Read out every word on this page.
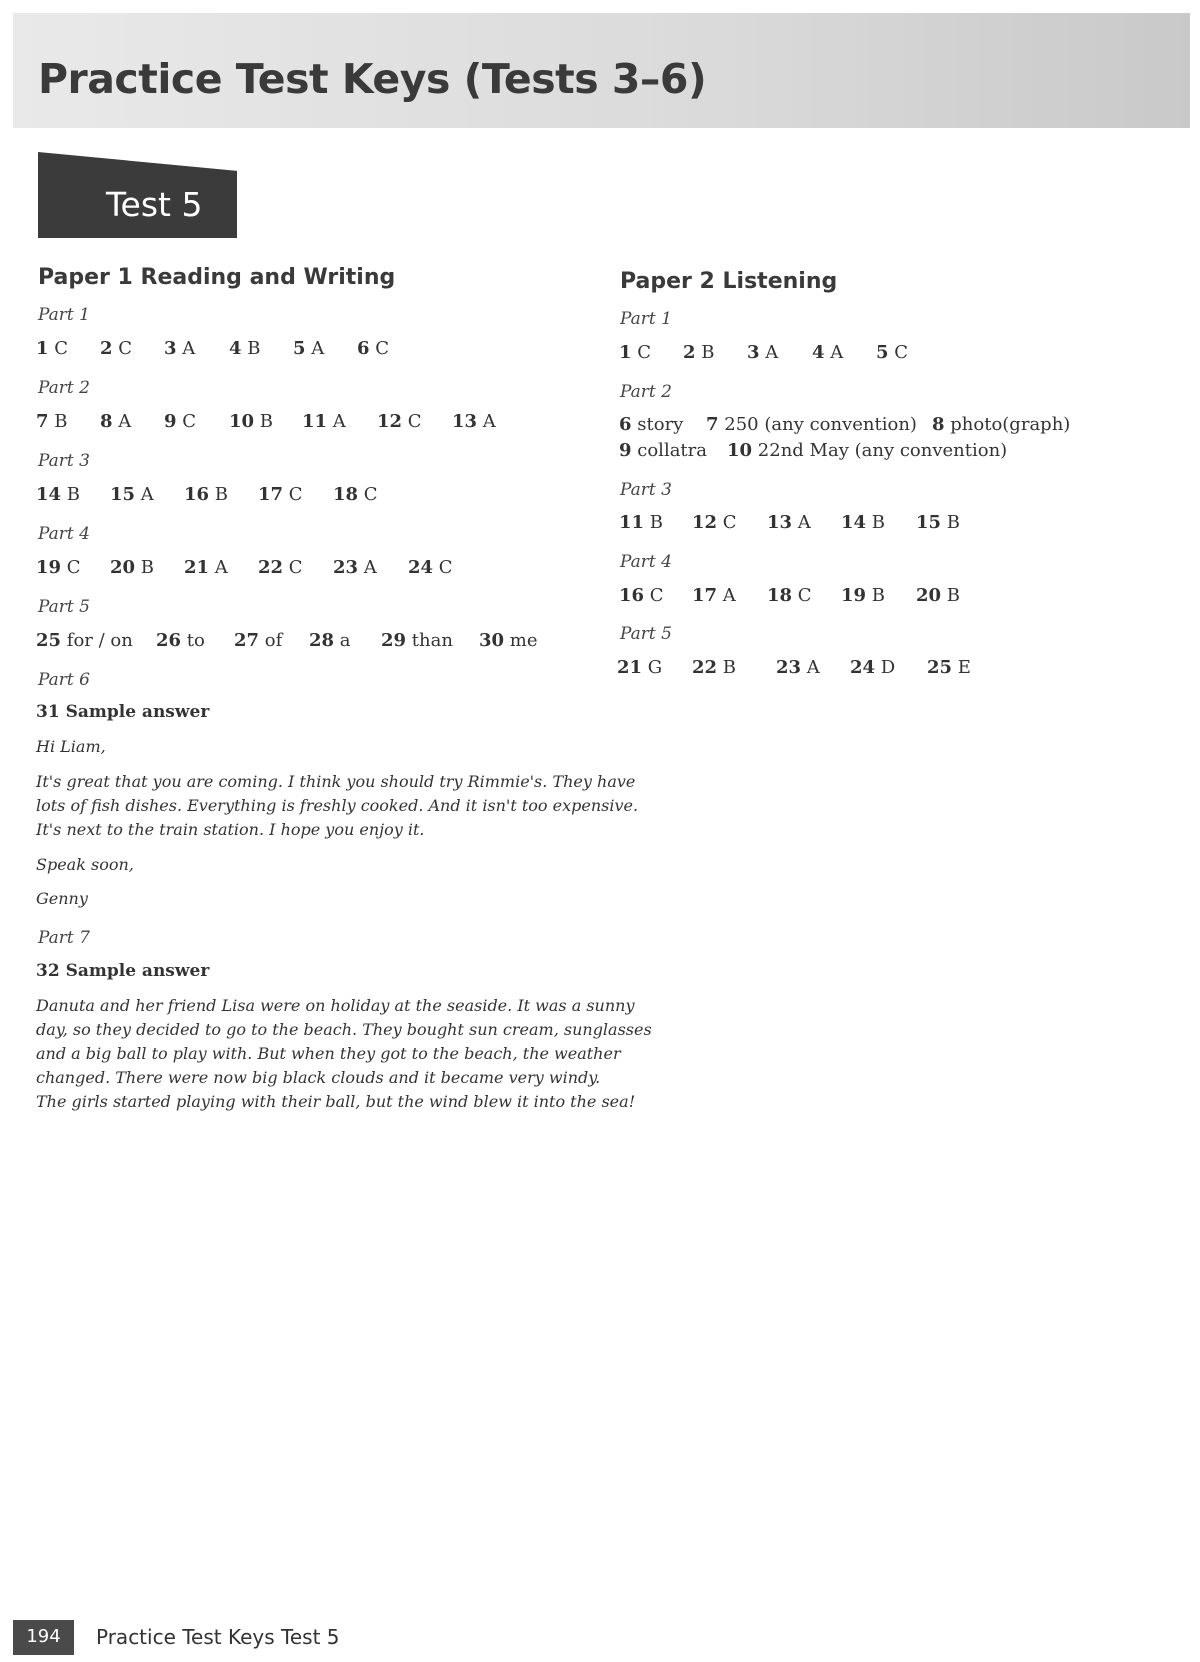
Practice Test Keys (Tests 3–6)
Test 5
Paper 1 Reading and Writing
Part 1
1 C 2 C 3 A 4 B 5 A 6 C
Part 2
7 B 8 A 9 C 10 B 11 A 12 C 13 A
Part 3
14 B 15 A 16 B 17 C 18 C
Part 4
19 C 20 B 21 A 22 C 23 A 24 C
Part 5
25 for / on 26 to 27 of 28 a 29 than 30 me
Part 6
31 Sample answer
Hi Liam,
It's great that you are coming. I think you should try Rimmie's. They have
lots of fish dishes. Everything is freshly cooked. And it isn't too expensive.
It's next to the train station. I hope you enjoy it.
Speak soon,
Genny
Part 7
32 Sample answer
Danuta and her friend Lisa were on holiday at the seaside. It was a sunny
day, so they decided to go to the beach. They bought sun cream, sunglasses
and a big ball to play with. But when they got to the beach, the weather
changed. There were now big black clouds and it became very windy.
The girls started playing with their ball, but the wind blew it into the sea!
Paper 2 Listening
Part 1
1 C 2 B 3 A 4 A 5 C
Part 2
6 story 7 250 (any convention) 8 photo(graph)
9 collatra 10 22nd May (any convention)
Part 3
11 B 12 C 13 A 14 B 15 B
Part 4
16 C 17 A 18 C 19 B 20 B
Part 5
21 G 22 B 23 A 24 D 25 E
194	Practice Test Keys Test 5
